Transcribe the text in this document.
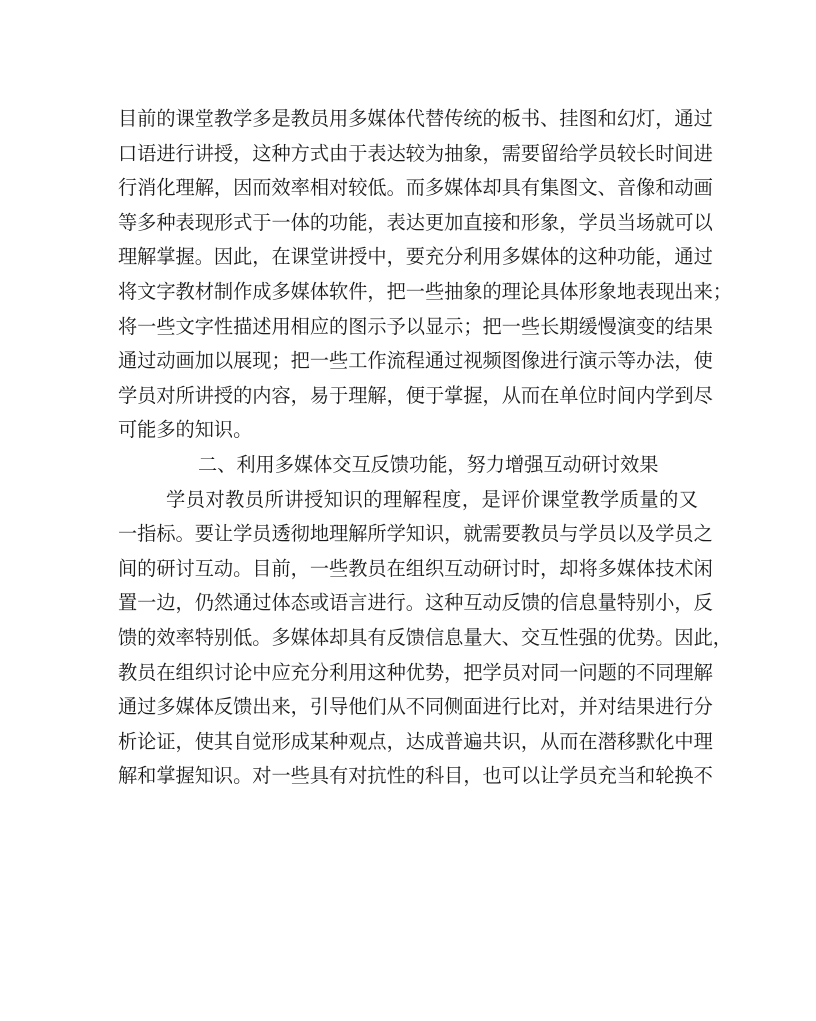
目前的课堂教学多是教员用多媒体代替传统的板书、挂图和幻灯，通过
口语进行讲授，这种方式由于表达较为抽象，需要留给学员较长时间进
行消化理解，因而效率相对较低。而多媒体却具有集图文、音像和动画
等多种表现形式于一体的功能，表达更加直接和形象，学员当场就可以
理解掌握。因此，在课堂讲授中，要充分利用多媒体的这种功能，通过
将文字教材制作成多媒体软件，把一些抽象的理论具体形象地表现出来；
将一些文字性描述用相应的图示予以显示；把一些长期缓慢演变的结果
通过动画加以展现；把一些工作流程通过视频图像进行演示等办法，使
学员对所讲授的内容，易于理解，便于掌握，从而在单位时间内学到尽
可能多的知识。
二、利用多媒体交互反馈功能，努力增强互动研讨效果
学员对教员所讲授知识的理解程度，是评价课堂教学质量的又
一指标。要让学员透彻地理解所学知识，就需要教员与学员以及学员之
间的研讨互动。目前，一些教员在组织互动研讨时，却将多媒体技术闲
置一边，仍然通过体态或语言进行。这种互动反馈的信息量特别小，反
馈的效率特别低。多媒体却具有反馈信息量大、交互性强的优势。因此，
教员在组织讨论中应充分利用这种优势，把学员对同一问题的不同理解
通过多媒体反馈出来，引导他们从不同侧面进行比对，并对结果进行分
析论证，使其自觉形成某种观点，达成普遍共识，从而在潜移默化中理
解和掌握知识。对一些具有对抗性的科目，也可以让学员充当和轮换不
